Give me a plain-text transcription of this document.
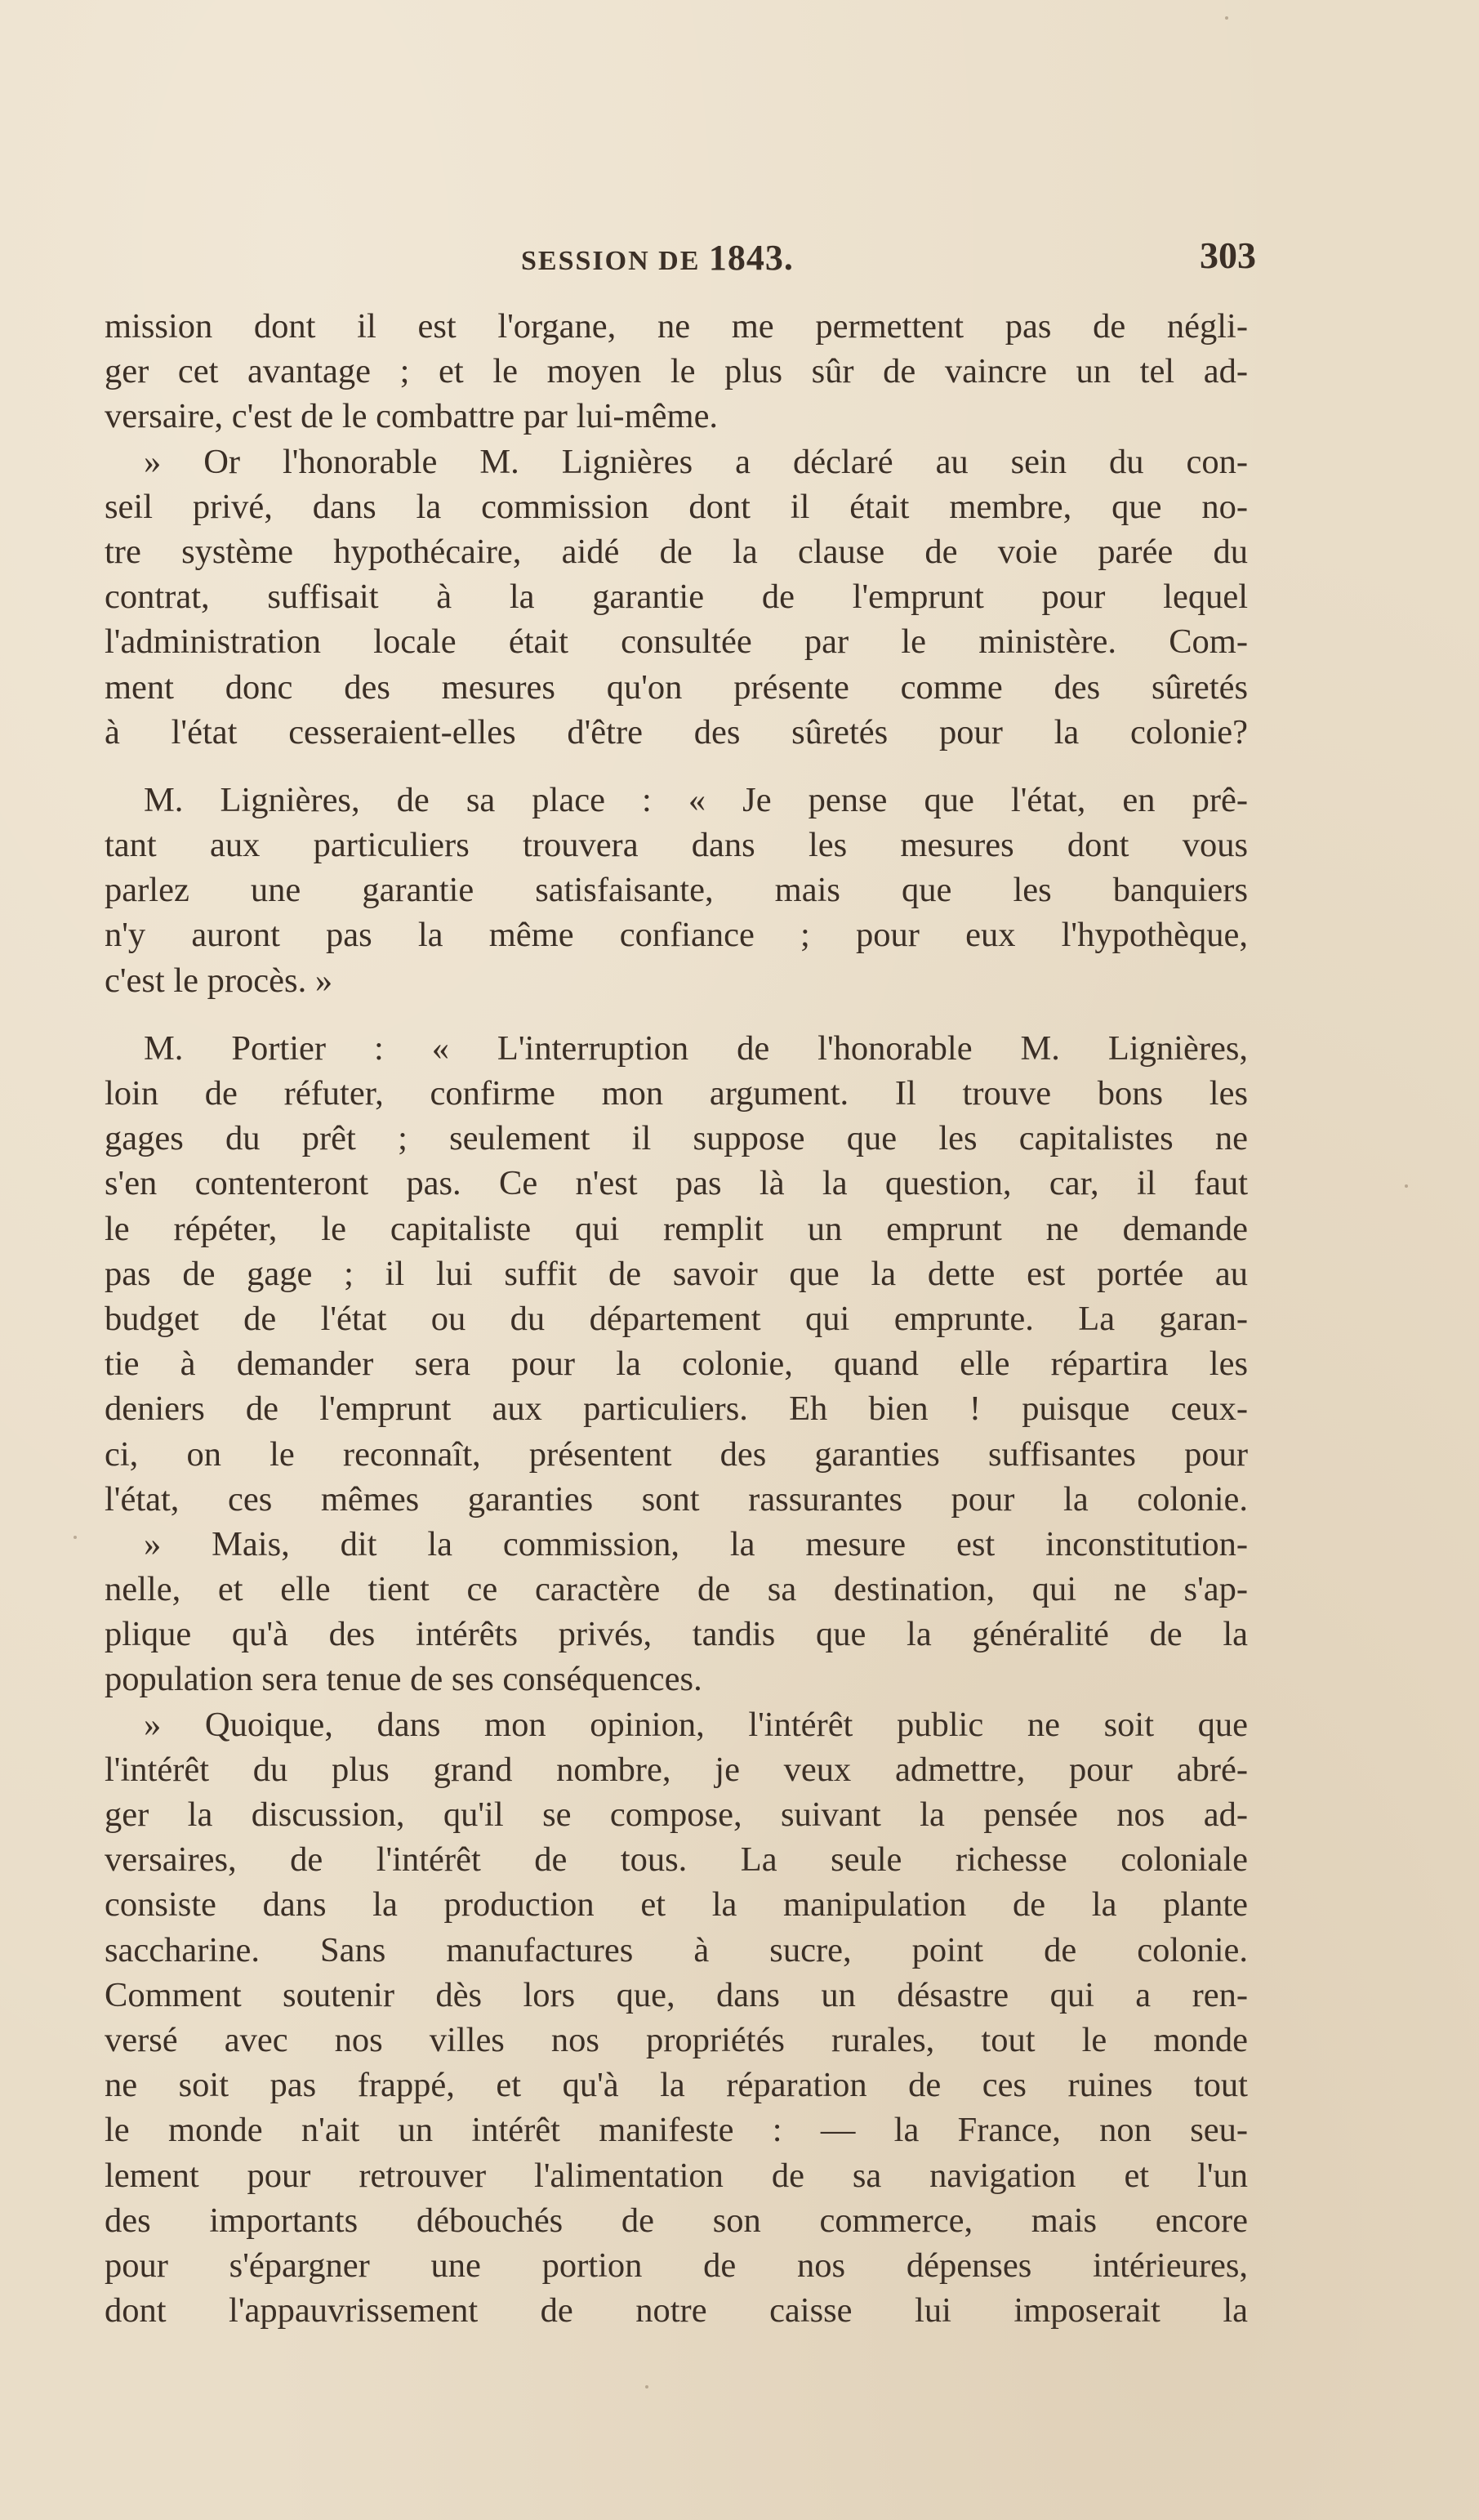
SESSION DE 1843.	303
mission dont il est l'organe, ne me permettent pas de négli-
ger cet avantage ; et le moyen le plus sûr de vaincre un tel ad-
versaire, c'est de le combattre par lui-même.
» Or l'honorable M. Lignières a déclaré au sein du con-
seil privé, dans la commission dont il était membre, que no-
tre système hypothécaire, aidé de la clause de voie parée du
contrat, suffisait à la garantie de l'emprunt pour lequel
l'administration locale était consultée par le ministère. Com-
ment donc des mesures qu'on présente comme des sûretés
à l'état cesseraient-elles d'être des sûretés pour la colonie?
M. Lignières, de sa place : « Je pense que l'état, en prê-
tant aux particuliers trouvera dans les mesures dont vous
parlez une garantie satisfaisante, mais que les banquiers
n'y auront pas la même confiance ; pour eux l'hypothèque,
c'est le procès. »
M. Portier : « L'interruption de l'honorable M. Lignières,
loin de réfuter, confirme mon argument. Il trouve bons les
gages du prêt ; seulement il suppose que les capitalistes ne
s'en contenteront pas. Ce n'est pas là la question, car, il faut
le répéter, le capitaliste qui remplit un emprunt ne demande
pas de gage ; il lui suffit de savoir que la dette est portée au
budget de l'état ou du département qui emprunte. La garan-
tie à demander sera pour la colonie, quand elle répartira les
deniers de l'emprunt aux particuliers. Eh bien ! puisque ceux-
ci, on le reconnaît, présentent des garanties suffisantes pour
l'état, ces mêmes garanties sont rassurantes pour la colonie.
» Mais, dit la commission, la mesure est inconstitution-
nelle, et elle tient ce caractère de sa destination, qui ne s'ap-
plique qu'à des intérêts privés, tandis que la généralité de la
population sera tenue de ses conséquences.
» Quoique, dans mon opinion, l'intérêt public ne soit que
l'intérêt du plus grand nombre, je veux admettre, pour abré-
ger la discussion, qu'il se compose, suivant la pensée nos ad-
versaires, de l'intérêt de tous. La seule richesse coloniale
consiste dans la production et la manipulation de la plante
saccharine. Sans manufactures à sucre, point de colonie.
Comment soutenir dès lors que, dans un désastre qui a ren-
versé avec nos villes nos propriétés rurales, tout le monde
ne soit pas frappé, et qu'à la réparation de ces ruines tout
le monde n'ait un intérêt manifeste : — la France, non seu-
lement pour retrouver l'alimentation de sa navigation et l'un
des importants débouchés de son commerce, mais encore
pour s'épargner une portion de nos dépenses intérieures,
dont l'appauvrissement de notre caisse lui imposerait la
